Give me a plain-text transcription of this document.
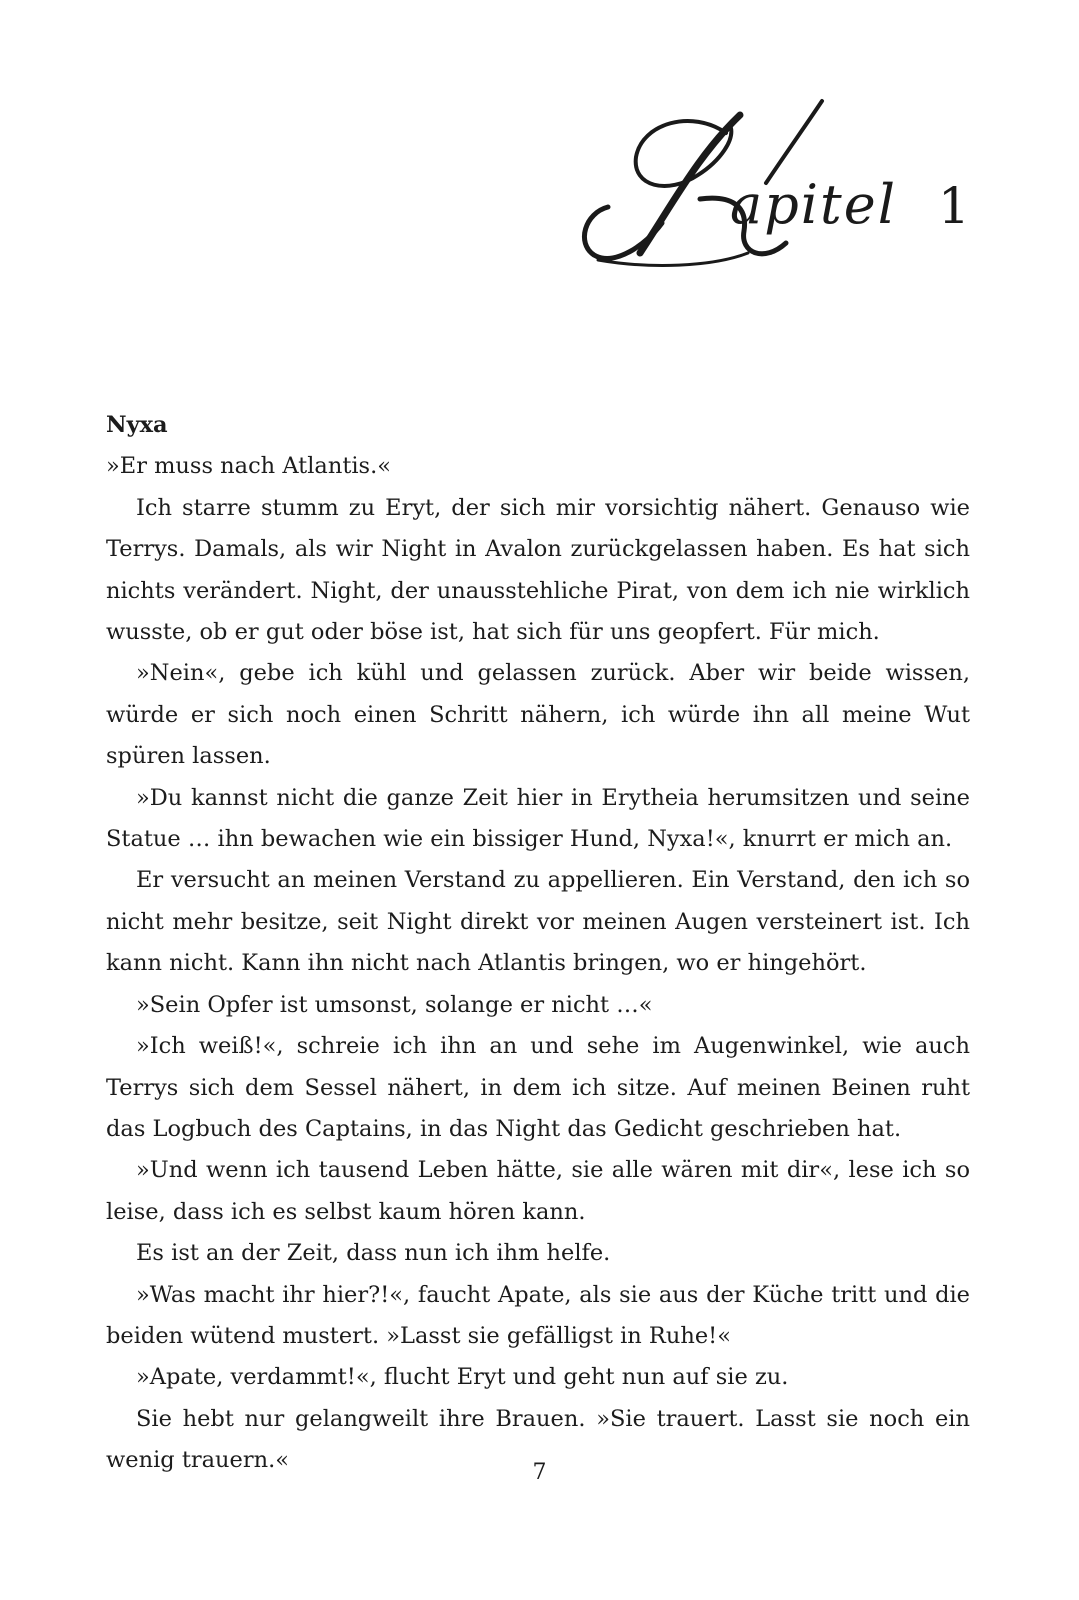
apitel 1

Nyxa

»Er muss nach Atlantis.«

Ich starre stumm zu Eryt, der sich mir vorsichtig nähert. Genauso wie Terrys. Damals, als wir Night in Avalon zurückgelassen haben. Es hat sich nichts verändert. Night, der unausstehliche Pirat, von dem ich nie wirklich wusste, ob er gut oder böse ist, hat sich für uns geopfert. Für mich.

»Nein«, gebe ich kühl und gelassen zurück. Aber wir beide wissen, würde er sich noch einen Schritt nähern, ich würde ihn all meine Wut spüren lassen.

»Du kannst nicht die ganze Zeit hier in Erytheia herumsitzen und seine Statue … ihn bewachen wie ein bissiger Hund, Nyxa!«, knurrt er mich an.

Er versucht an meinen Verstand zu appellieren. Ein Verstand, den ich so nicht mehr besitze, seit Night direkt vor meinen Augen versteinert ist. Ich kann nicht. Kann ihn nicht nach Atlantis bringen, wo er hingehört.

»Sein Opfer ist umsonst, solange er nicht …«

»Ich weiß!«, schreie ich ihn an und sehe im Augenwinkel, wie auch Terrys sich dem Sessel nähert, in dem ich sitze. Auf meinen Beinen ruht das Logbuch des Captains, in das Night das Gedicht geschrieben hat.

»Und wenn ich tausend Leben hätte, sie alle wären mit dir«, lese ich so leise, dass ich es selbst kaum hören kann.

Es ist an der Zeit, dass nun ich ihm helfe.

»Was macht ihr hier?!«, faucht Apate, als sie aus der Küche tritt und die beiden wütend mustert. »Lasst sie gefälligst in Ruhe!«

»Apate, verdammt!«, flucht Eryt und geht nun auf sie zu.

Sie hebt nur gelangweilt ihre Brauen. »Sie trauert. Lasst sie noch ein wenig trauern.«	7
